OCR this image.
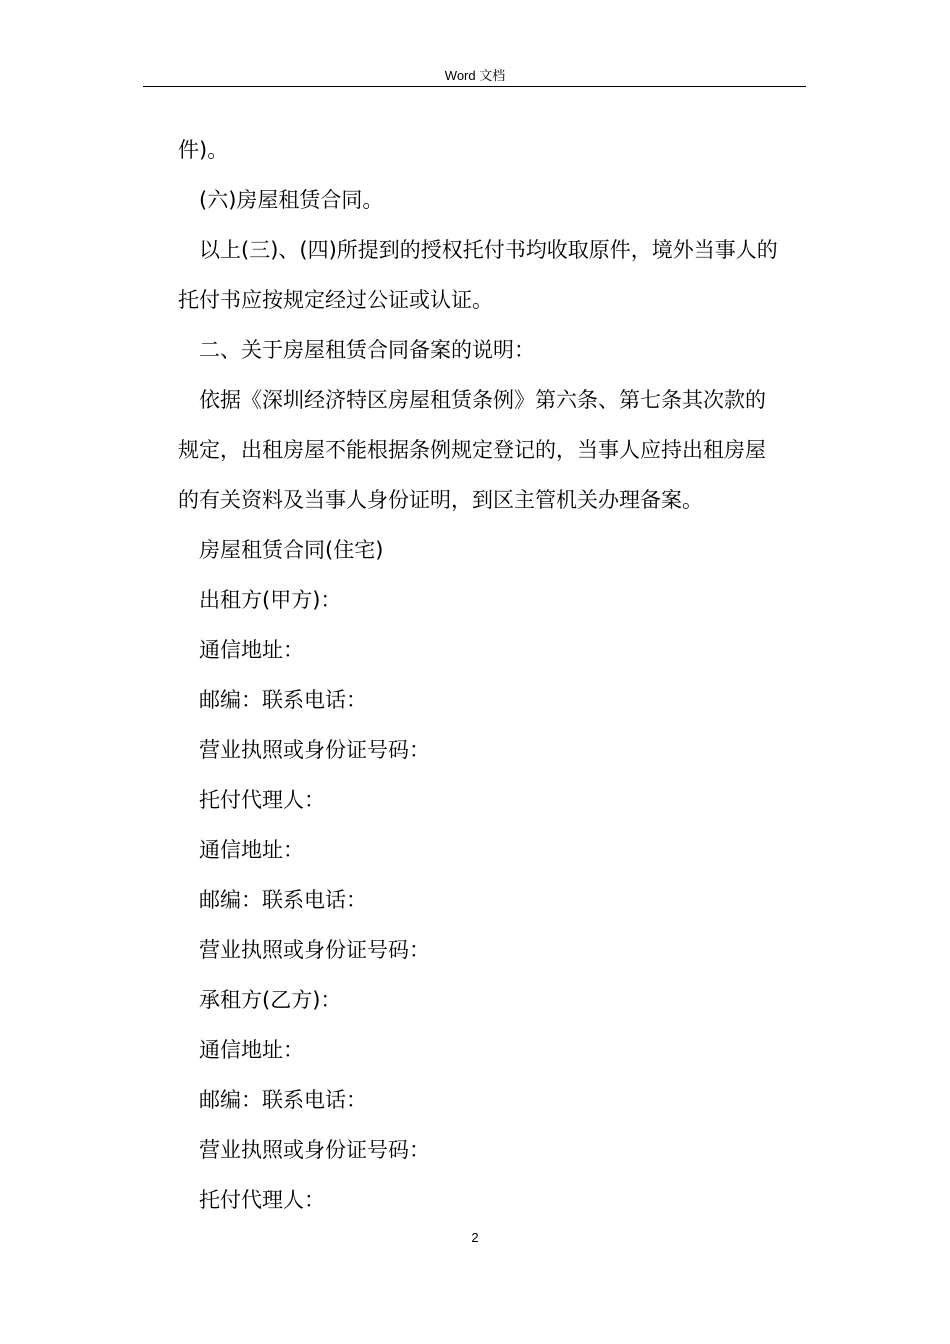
Word 文档
件)。
(六)房屋租赁合同。
以上(三)、(四)所提到的授权托付书均收取原件，境外当事人的
托付书应按规定经过公证或认证。
二、关于房屋租赁合同备案的说明：
依据《深圳经济特区房屋租赁条例》第六条、第七条其次款的
规定，出租房屋不能根据条例规定登记的，当事人应持出租房屋
的有关资料及当事人身份证明，到区主管机关办理备案。
房屋租赁合同(住宅)
出租方(甲方)：
通信地址：
邮编：联系电话：
营业执照或身份证号码：
托付代理人：
通信地址：
邮编：联系电话：
营业执照或身份证号码：
承租方(乙方)：
通信地址：
邮编：联系电话：
营业执照或身份证号码：
托付代理人：
2
